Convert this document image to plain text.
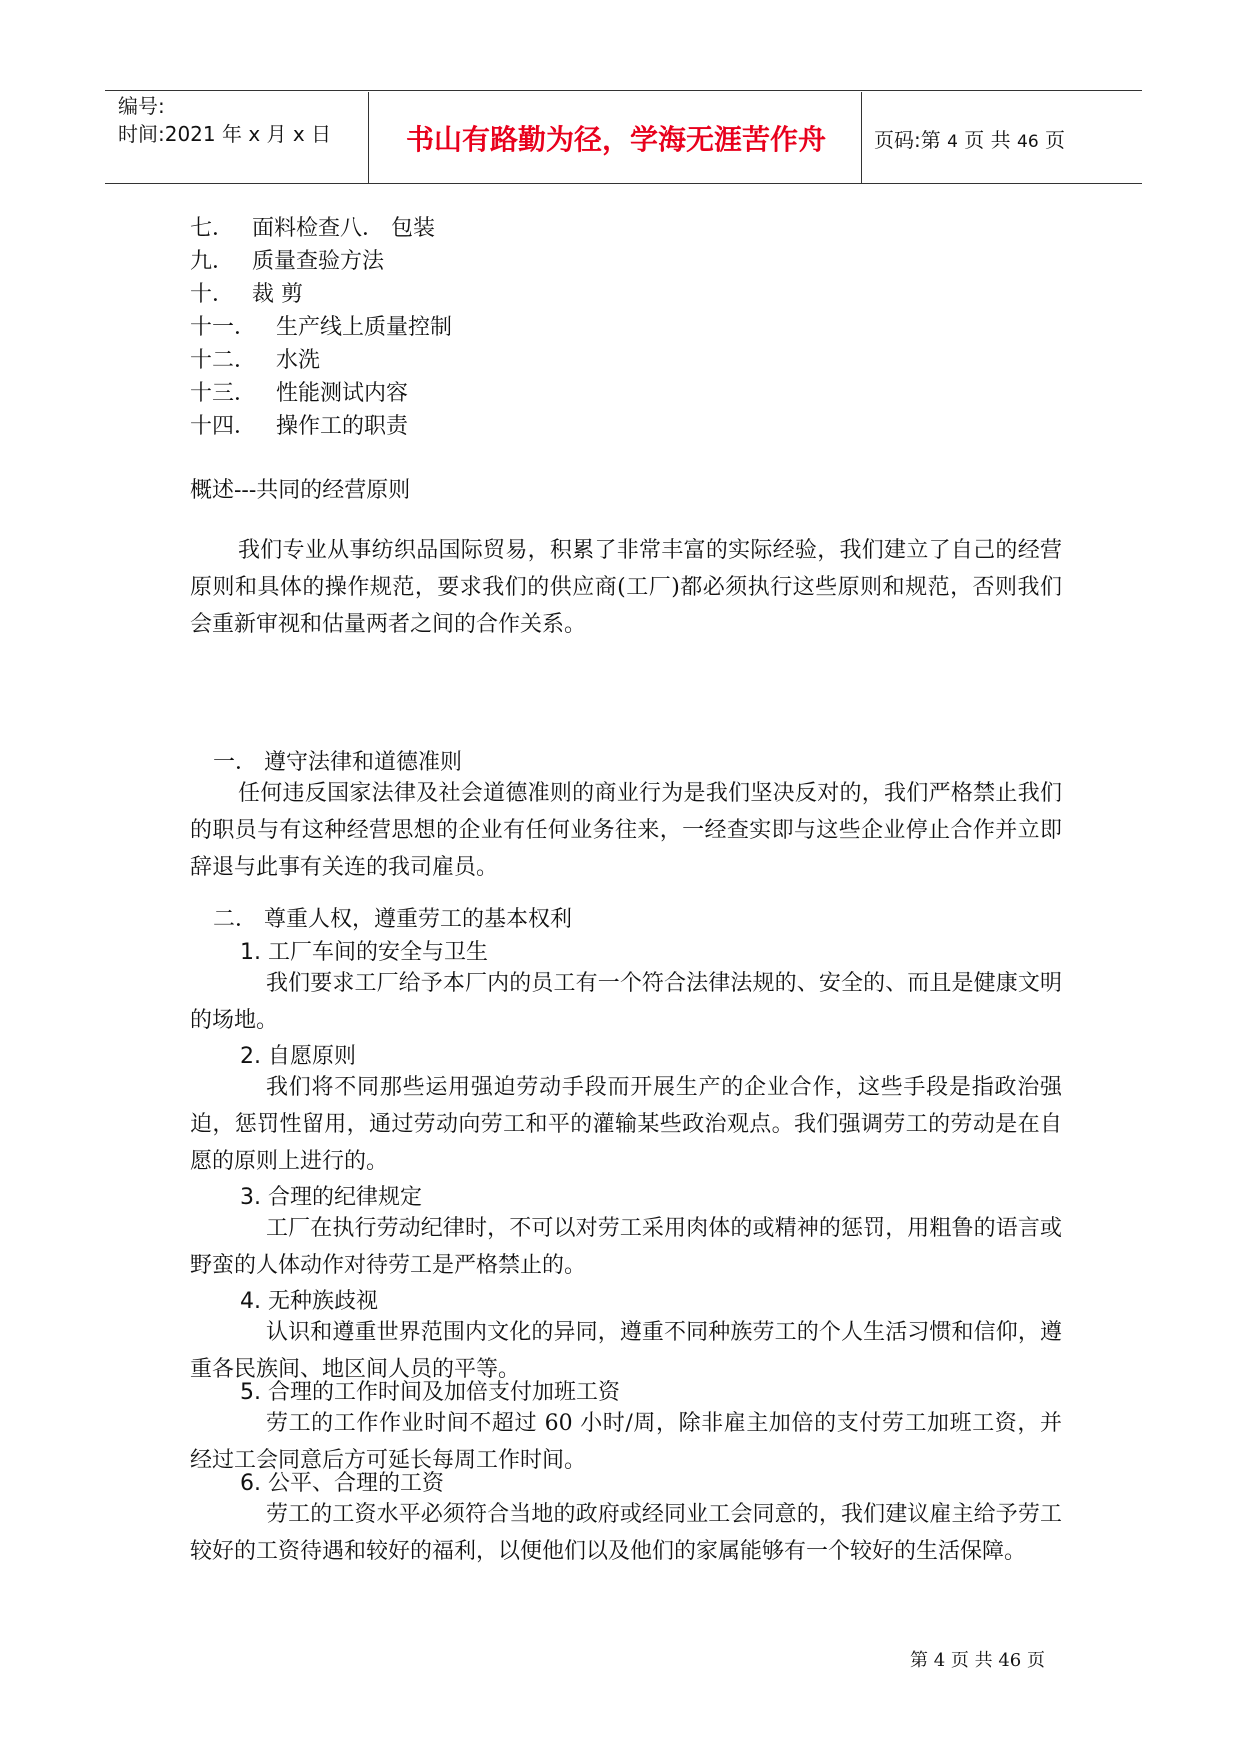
编号:
时间:2021 年 x 月 x 日	书山有路勤为径，学海无涯苦作舟	页码:第 4 页 共 46 页
七． 面料检查八． 包装
九． 质量查验方法
十． 裁 剪
十一． 生产线上质量控制
十二． 水洗
十三． 性能测试内容
十四． 操作工的职责
概述---共同的经营原则
我们专业从事纺织品国际贸易，积累了非常丰富的实际经验，我们建立了自己的经营原则和具体的操作规范，要求我们的供应商(工厂)都必须执行这些原则和规范，否则我们会重新审视和估量两者之间的合作关系。
一． 遵守法律和道德准则
任何违反国家法律及社会道德准则的商业行为是我们坚决反对的，我们严格禁止我们的职员与有这种经营思想的企业有任何业务往来，一经查实即与这些企业停止合作并立即辞退与此事有关连的我司雇员。
二． 尊重人权，遵重劳工的基本权利
1. 工厂车间的安全与卫生
我们要求工厂给予本厂内的员工有一个符合法律法规的、安全的、而且是健康文明的场地。
2. 自愿原则
我们将不同那些运用强迫劳动手段而开展生产的企业合作，这些手段是指政治强迫，惩罚性留用，通过劳动向劳工和平的灌输某些政治观点。我们强调劳工的劳动是在自愿的原则上进行的。
3. 合理的纪律规定
工厂在执行劳动纪律时，不可以对劳工采用肉体的或精神的惩罚，用粗鲁的语言或野蛮的人体动作对待劳工是严格禁止的。
4. 无种族歧视
认识和遵重世界范围内文化的异同，遵重不同种族劳工的个人生活习惯和信仰，遵重各民族间、地区间人员的平等。
5. 合理的工作时间及加倍支付加班工资
劳工的工作作业时间不超过 60 小时/周，除非雇主加倍的支付劳工加班工资，并经过工会同意后方可延长每周工作时间。
6. 公平、合理的工资
劳工的工资水平必须符合当地的政府或经同业工会同意的，我们建议雇主给予劳工较好的工资待遇和较好的福利，以便他们以及他们的家属能够有一个较好的生活保障。
第 4 页 共 46 页
